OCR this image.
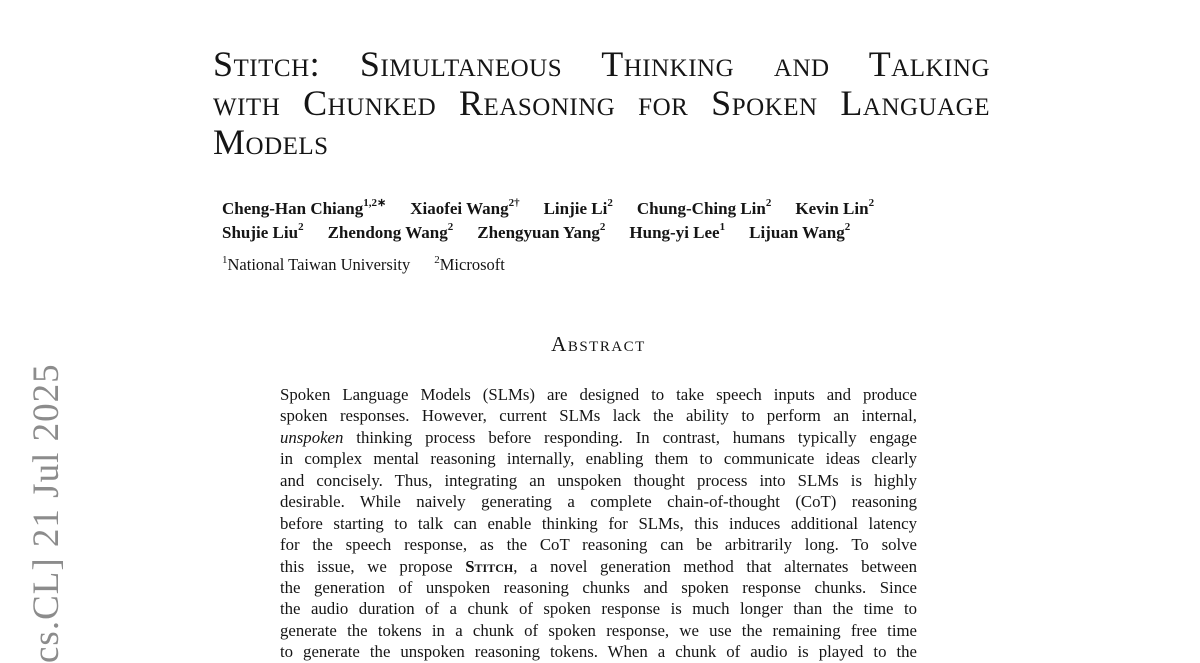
cs.CL] 21 Jul 2025
Stitch: Simultaneous Thinking and Talking
with Chunked Reasoning for Spoken Language
Models
Cheng-Han Chiang$^{1,2∗}$ Xiaofei Wang$^{2\dagger}$ Linjie Li$^2$ Chung-Ching Lin$^2$ Kevin Lin$^2$
Shujie Liu$^2$ Zhendong Wang$^2$ Zhengyuan Yang$^2$ Hung-yi Lee$^1$ Lijuan Wang$^2$
$^1$National Taiwan University $^2$Microsoft
Abstract
Spoken Language Models (SLMs) are designed to take speech inputs and produce
spoken responses. However, current SLMs lack the ability to perform an internal,
unspoken thinking process before responding. In contrast, humans typically engage
in complex mental reasoning internally, enabling them to communicate ideas clearly
and concisely. Thus, integrating an unspoken thought process into SLMs is highly
desirable. While naively generating a complete chain-of-thought (CoT) reasoning
before starting to talk can enable thinking for SLMs, this induces additional latency
for the speech response, as the CoT reasoning can be arbitrarily long. To solve
this issue, we propose Stitch, a novel generation method that alternates between
the generation of unspoken reasoning chunks and spoken response chunks. Since
the audio duration of a chunk of spoken response is much longer than the time to
generate the tokens in a chunk of spoken response, we use the remaining free time
to generate the unspoken reasoning tokens. When a chunk of audio is played to the
